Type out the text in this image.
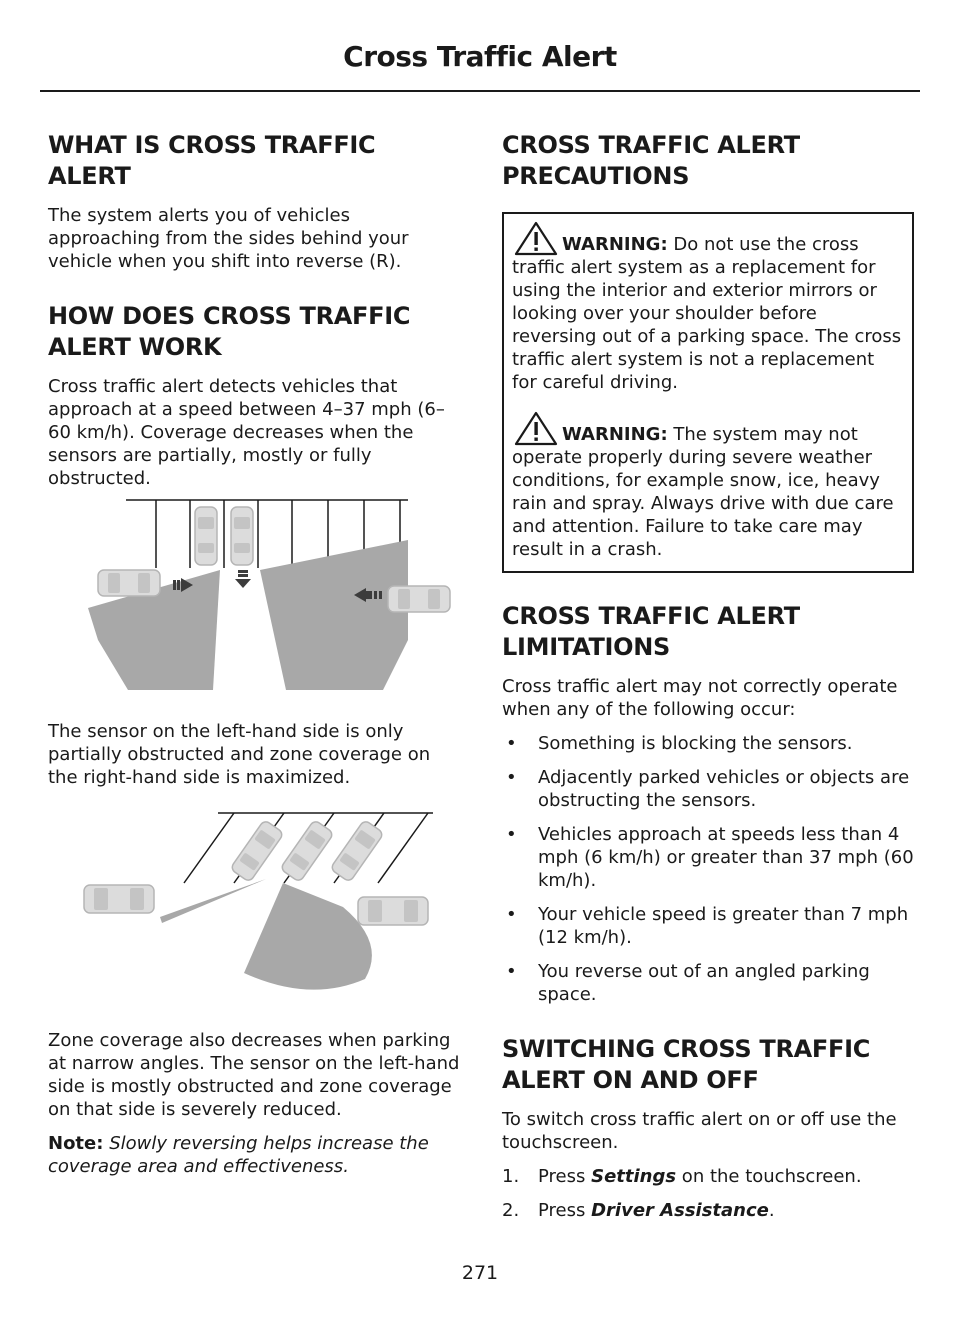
Cross Traffic Alert
WHAT IS CROSS TRAFFIC
ALERT

The system alerts you of vehicles approaching from the sides behind your vehicle when you shift into reverse (R).

HOW DOES CROSS TRAFFIC
ALERT WORK

Cross traffic alert detects vehicles that approach at a speed between 4–37 mph (6–60 km/h). Coverage decreases when the sensors are partially, mostly or fully obstructed.

The sensor on the left-hand side is only partially obstructed and zone coverage on the right-hand side is maximized.

Zone coverage also decreases when parking at narrow angles. The sensor on the left-hand side is mostly obstructed and zone coverage on that side is severely reduced.

Note: Slowly reversing helps increase the coverage area and effectiveness.

CROSS TRAFFIC ALERT
PRECAUTIONS
WARNING: Do not use the cross traffic alert system as a replacement for using the interior and exterior mirrors or looking over your shoulder before reversing out of a parking space. The cross traffic alert system is not a replacement for careful driving.
WARNING: The system may not operate properly during severe weather conditions, for example snow, ice, heavy rain and spray. Always drive with due care and attention. Failure to take care may result in a crash.
CROSS TRAFFIC ALERT
LIMITATIONS

Cross traffic alert may not correctly operate when any of the following occur:

• Something is blocking the sensors.
• Adjacently parked vehicles or objects are obstructing the sensors.
• Vehicles approach at speeds less than 4 mph (6 km/h) or greater than 37 mph (60 km/h).
• Your vehicle speed is greater than 7 mph (12 km/h).
• You reverse out of an angled parking space.
SWITCHING CROSS TRAFFIC
ALERT ON AND OFF

To switch cross traffic alert on or off use the touchscreen.

1. Press Settings on the touchscreen.
2. Press Driver Assistance.
271
